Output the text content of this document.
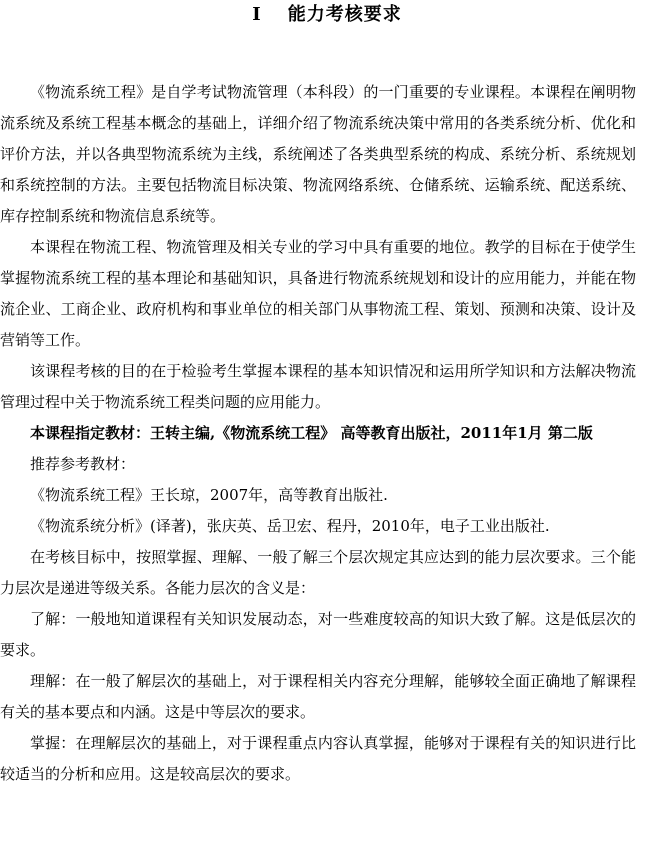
I 能力考核要求

《物流系统工程》是自学考试物流管理（本科段）的一门重要的专业课程。本课程在阐明物流系统及系统工程基本概念的基础上，详细介绍了物流系统决策中常用的各类系统分析、优化和评价方法，并以各典型物流系统为主线，系统阐述了各类典型系统的构成、系统分析、系统规划和系统控制的方法。主要包括物流目标决策、物流网络系统、仓储系统、运输系统、配送系统、库存控制系统和物流信息系统等。

本课程在物流工程、物流管理及相关专业的学习中具有重要的地位。教学的目标在于使学生掌握物流系统工程的基本理论和基础知识，具备进行物流系统规划和设计的应用能力，并能在物流企业、工商企业、政府机构和事业单位的相关部门从事物流工程、策划、预测和决策、设计及营销等工作。

该课程考核的目的在于检验考生掌握本课程的基本知识情况和运用所学知识和方法解决物流管理过程中关于物流系统工程类问题的应用能力。

本课程指定教材：王转主编,《物流系统工程》 高等教育出版社，2011年1月 第二版

推荐参考教材：

《物流系统工程》王长琼，2007年，高等教育出版社.

《物流系统分析》(译著)，张庆英、岳卫宏、程丹，2010年，电子工业出版社.

在考核目标中，按照掌握、理解、一般了解三个层次规定其应达到的能力层次要求。三个能力层次是递进等级关系。各能力层次的含义是：

了解：一般地知道课程有关知识发展动态，对一些难度较高的知识大致了解。这是低层次的要求。

理解：在一般了解层次的基础上，对于课程相关内容充分理解，能够较全面正确地了解课程有关的基本要点和内涵。这是中等层次的要求。

掌握：在理解层次的基础上，对于课程重点内容认真掌握，能够对于课程有关的知识进行比较适当的分析和应用。这是较高层次的要求。
